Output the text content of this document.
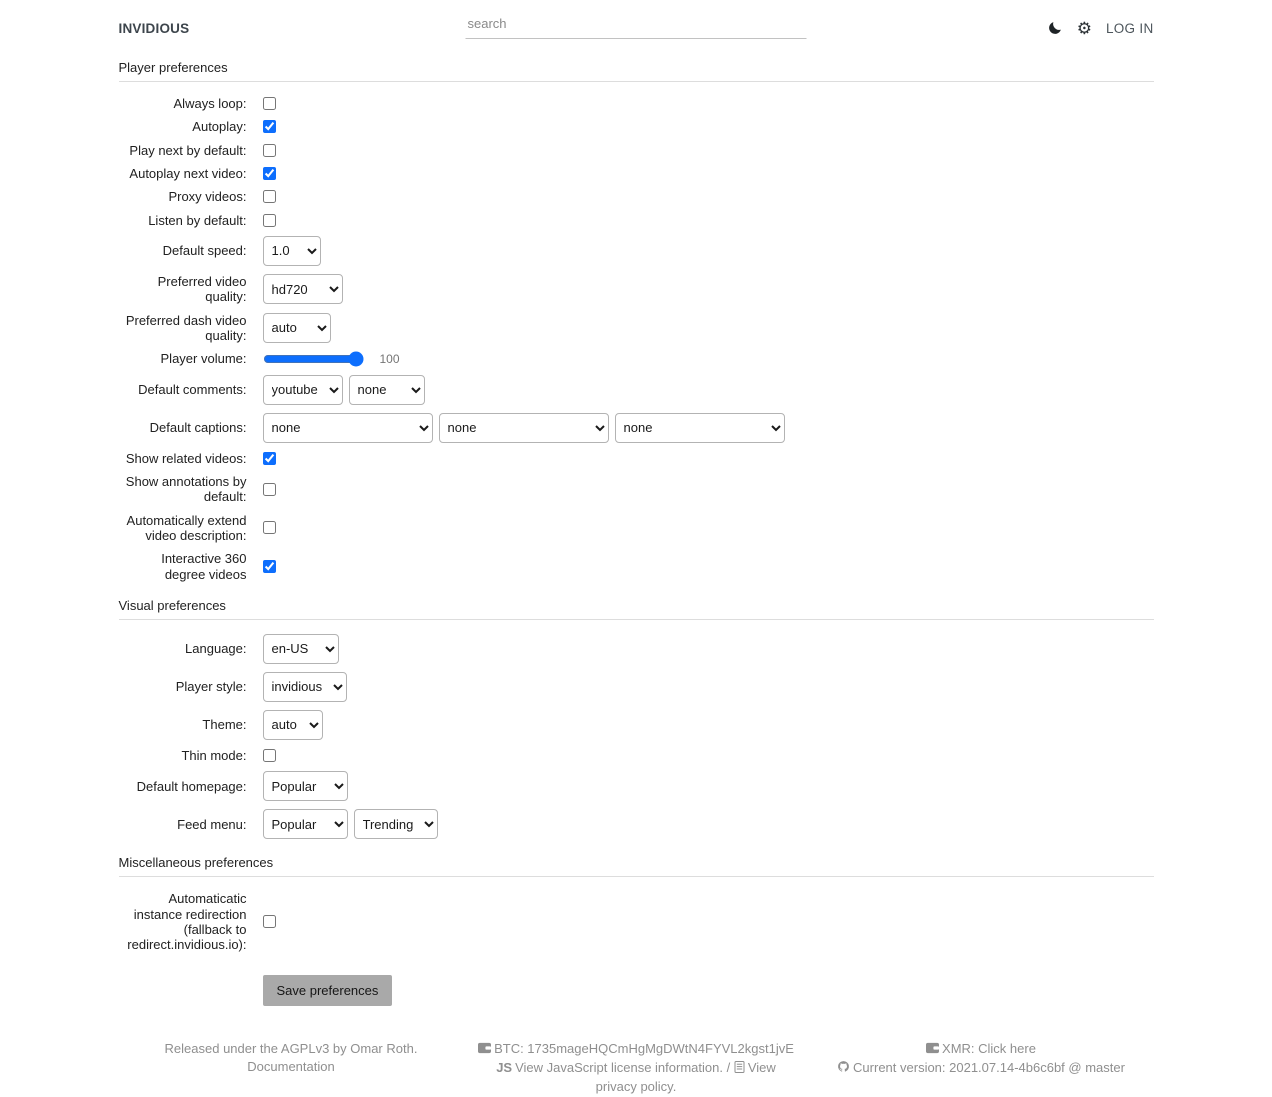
INVIDIOUS
search	⚙ LOG IN
Player preferences
Always loop:
Autoplay:
Play next by default:
Autoplay next video:
Proxy videos:
Listen by default:
Default speed:
1.0
Preferred video quality:
hd720
Preferred dash video quality:
auto
Player volume:	100
Default comments:
youtube
none
Default captions:
none
none
none
Show related videos:
Show annotations by default:
Automatically extend video description:
Interactive 360 degree videos
Visual preferences
Language:
en-US
Player style:
invidious
Theme:
auto
Thin mode:
Default homepage:
Popular
Feed menu:
Popular
Trending
Miscellaneous preferences
Automaticatic instance redirection (fallback to redirect.invidious.io):
Save preferences
Released under the AGPLv3 by Omar Roth.
Documentation
BTC: 1735mageHQCmHgMgDWtN4FYVL2kgst1jvE
JS View JavaScript license information. / View privacy policy.
XMR: Click here
Current version: 2021.07.14-4b6c6bf @ master
